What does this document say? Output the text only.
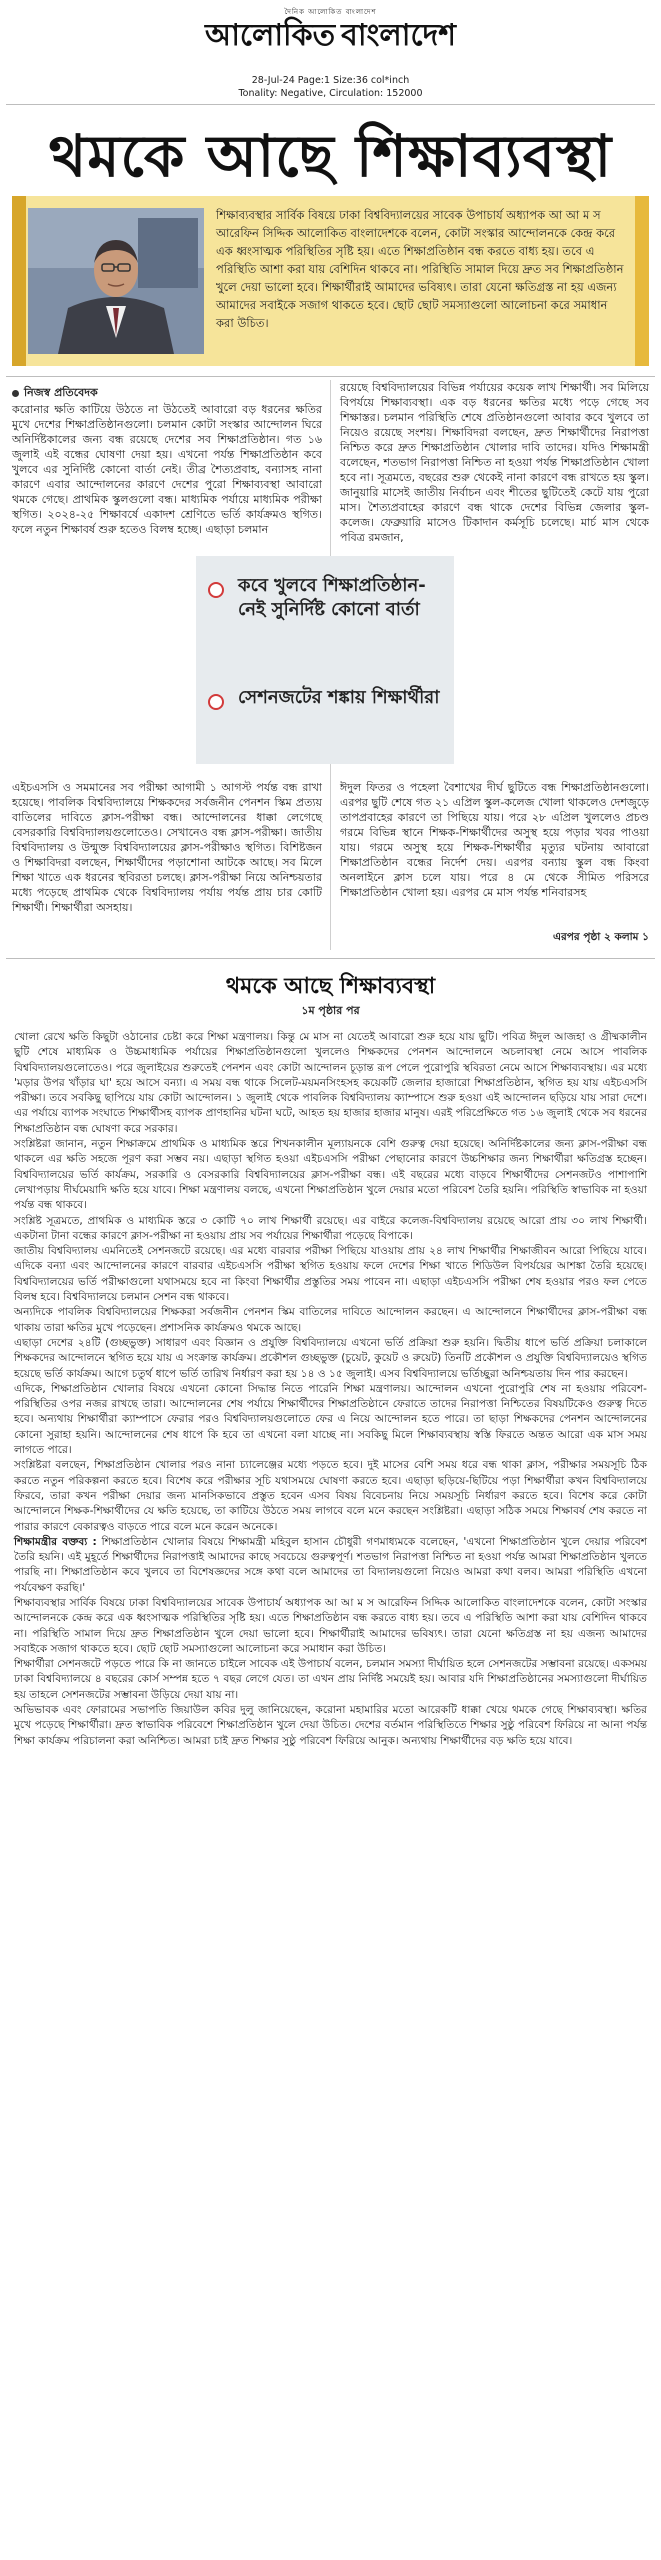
দৈনিক আলোকিত বাংলাদেশ
আলোকিত বাংলাদেশ
28-Jul-24 Page:1 Size:36 col*inch
Tonality: Negative, Circulation: 152000
থমকে আছে শিক্ষাব্যবস্থা

শিক্ষাব্যবস্থার সার্বিক বিষয়ে ঢাকা বিশ্ববিদ্যালয়ের সাবেক উপাচার্য অধ্যাপক আ আ ম স আরেফিন সিদ্দিক আলোকিত বাংলাদেশকে বলেন, কোটা সংস্কার আন্দোলনকে কেন্দ্র করে এক ধ্বংসাত্মক পরিস্থিতির সৃষ্টি হয়। এতে শিক্ষাপ্রতিষ্ঠান বন্ধ করতে বাধ্য হয়। তবে এ পরিস্থিতি আশা করা যায় বেশিদিন থাকবে না। পরিস্থিতি সামাল দিয়ে দ্রুত সব শিক্ষাপ্রতিষ্ঠান খুলে দেয়া ভালো হবে। শিক্ষার্থীরাই আমাদের ভবিষ্যৎ। তারা যেনো ক্ষতিগ্রস্ত না হয় এজন্য আমাদের সবাইকে সজাগ থাকতে হবে। ছোট ছোট সমস্যাগুলো আলোচনা করে সমাধান করা উচিত।

নিজস্ব প্রতিবেদক

করোনার ক্ষতি কাটিয়ে উঠতে না উঠতেই আবারো বড় ধরনের ক্ষতির মুখে দেশের শিক্ষাপ্রতিষ্ঠানগুলো। চলমান কোটা সংস্কার আন্দোলন ঘিরে অনির্দিষ্টকালের জন্য বন্ধ রয়েছে দেশের সব শিক্ষাপ্রতিষ্ঠান। গত ১৬ জুলাই এই বন্ধের ঘোষণা দেয়া হয়। এখনো পর্যন্ত শিক্ষাপ্রতিষ্ঠান কবে খুলবে এর সুনির্দিষ্ট কোনো বার্তা নেই। তীব্র শৈত্যপ্রবাহ, বন্যাসহ নানা কারণে এবার আন্দোলনের কারণে দেশের পুরো শিক্ষাব্যবস্থা আবারো থমকে গেছে। প্রাথমিক স্কুলগুলো বন্ধ। মাধ্যমিক পর্যায়ে মাধ্যমিক পরীক্ষা স্থগিত। ২০২৪-২৫ শিক্ষাবর্ষে একাদশ শ্রেণিতে ভর্তি কার্যক্রমও স্থগিত। ফলে নতুন শিক্ষাবর্ষ শুরু হতেও বিলম্ব হচ্ছে। এছাড়া চলমান

এইচএসসি ও সমমানের সব পরীক্ষা আগামী ১ আগস্ট পর্যন্ত বন্ধ রাখা হয়েছে। পাবলিক বিশ্ববিদ্যালয়ে শিক্ষকদের সর্বজনীন পেনশন স্কিম প্রত্যয় বাতিলের দাবিতে ক্লাস-পরীক্ষা বন্ধ। আন্দোলনের ধাক্কা লেগেছে বেসরকারি বিশ্ববিদ্যালয়গুলোতেও। সেখানেও বন্ধ ক্লাস-পরীক্ষা। জাতীয় বিশ্ববিদ্যালয় ও উন্মুক্ত বিশ্ববিদ্যালয়ের ক্লাস-পরীক্ষাও স্থগিত। বিশিষ্টজন ও শিক্ষাবিদরা বলছেন, শিক্ষার্থীদের পড়াশোনা আটকে আছে। সব মিলে শিক্ষা খাতে এক ধরনের স্থবিরতা চলছে। ক্লাস-পরীক্ষা নিয়ে অনিশ্চয়তার মধ্যে পড়েছে প্রাথমিক থেকে বিশ্ববিদ্যালয় পর্যায় পর্যন্ত প্রায় চার কোটি শিক্ষার্থী। শিক্ষার্থীরা অসহায়।

রয়েছে বিশ্ববিদ্যালয়ের বিভিন্ন পর্যায়ের কয়েক লাখ শিক্ষার্থী। সব মিলিয়ে বিপর্যয়ে শিক্ষাব্যবস্থা। এক বড় ধরনের ক্ষতির মধ্যে পড়ে গেছে সব শিক্ষাস্তর। চলমান পরিস্থিতি শেষে প্রতিষ্ঠানগুলো আবার কবে খুলবে তা নিয়েও রয়েছে সংশয়। শিক্ষাবিদরা বলছেন, দ্রুত শিক্ষার্থীদের নিরাপত্তা নিশ্চিত করে দ্রুত শিক্ষাপ্রতিষ্ঠান খোলার দাবি তাদের। যদিও শিক্ষামন্ত্রী বলেছেন, শতভাগ নিরাপত্তা নিশ্চিত না হওয়া পর্যন্ত শিক্ষাপ্রতিষ্ঠান খোলা হবে না। সূত্রমতে, বছরের শুরু থেকেই নানা কারণে বন্ধ রাখতে হয় স্কুল। জানুয়ারি মাসেই জাতীয় নির্বাচন এবং শীতের ছুটিতেই কেটে যায় পুরো মাস। শৈত্যপ্রবাহের কারণে বন্ধ থাকে দেশের বিভিন্ন জেলার স্কুল-কলেজ। ফেব্রুয়ারি মাসেও টিকাদান কর্মসূচি চলেছে। মার্চ মাস থেকে পবিত্র রমজান,

ঈদুল ফিতর ও পহেলা বৈশাখের দীর্ঘ ছুটিতে বন্ধ শিক্ষাপ্রতিষ্ঠানগুলো। এরপর ছুটি শেষে গত ২১ এপ্রিল স্কুল-কলেজ খোলা থাকলেও দেশজুড়ে তাপপ্রবাহের কারণে তা পিছিয়ে যায়। পরে ২৮ এপ্রিল খুললেও প্রচণ্ড গরমে বিভিন্ন স্থানে শিক্ষক-শিক্ষার্থীদের অসুস্থ হয়ে পড়ার খবর পাওয়া যায়। গরমে অসুস্থ হয়ে শিক্ষক-শিক্ষার্থীর মৃত্যুর ঘটনায় আবারো শিক্ষাপ্রতিষ্ঠান বন্ধের নির্দেশ দেয়। এরপর বন্যায় স্কুল বন্ধ কিংবা অনলাইনে ক্লাস চলে যায়। পরে ৪ মে থেকে সীমিত পরিসরে শিক্ষাপ্রতিষ্ঠান খোলা হয়। এরপর মে মাস পর্যন্ত শনিবারসহ

কবে খুলবে শিক্ষাপ্রতিষ্ঠান- নেই সুনির্দিষ্ট কোনো বার্তা
সেশনজটের শঙ্কায় শিক্ষার্থীরা
এরপর পৃষ্ঠা ২ কলাম ১
থমকে আছে শিক্ষাব্যবস্থা
১ম পৃষ্ঠার পর

খোলা রেখে ক্ষতি কিছুটা ওঠানোর চেষ্টা করে শিক্ষা মন্ত্রণালয়। কিন্তু মে মাস না যেতেই আবারো শুরু হয়ে যায় ছুটি। পবিত্র ঈদুল আজহা ও গ্রীষ্মকালীন ছুটি শেষে মাধ্যমিক ও উচ্চমাধ্যমিক পর্যায়ের শিক্ষাপ্রতিষ্ঠানগুলো খুললেও শিক্ষকদের পেনশন আন্দোলনে অচলাবস্থা নেমে আসে পাবলিক বিশ্ববিদ্যালয়গুলোতেও। পরে জুলাইয়ের শুরুতেই পেনশন এবং কোটা আন্দোলন চূড়ান্ত রূপ পেলে পুরোপুরি স্থবিরতা নেমে আসে শিক্ষাব্যবস্থায়। এর মধ্যে 'মড়ার উপর খাঁড়ার ঘা' হয়ে আসে বন্যা। এ সময় বন্ধ থাকে সিলেট-ময়মনসিংহসহ কয়েকটি জেলার হাজারো শিক্ষাপ্রতিষ্ঠান, স্থগিত হয় যায় এইচএসসি পরীক্ষা। তবে সবকিছু ছাপিয়ে যায় কোটা আন্দোলন। ১ জুলাই থেকে পাবলিক বিশ্ববিদ্যালয় ক্যাম্পাসে শুরু হওয়া এই আন্দোলন ছড়িয়ে যায় সারা দেশে। এর পর্যায়ে ব্যাপক সংঘাতে শিক্ষার্থীসহ ব্যাপক প্রাণহানির ঘটনা ঘটে, আহত হয় হাজার হাজার মানুষ। এরই পরিপ্রেক্ষিতে গত ১৬ জুলাই থেকে সব ধরনের শিক্ষাপ্রতিষ্ঠান বন্ধ ঘোষণা করে সরকার।

সংশ্লিষ্টরা জানান, নতুন শিক্ষাক্রমে প্রাথমিক ও মাধ্যমিক স্তরে শিখনকালীন মূল্যায়নকে বেশি গুরুত্ব দেয়া হয়েছে। অনির্দিষ্টকালের জন্য ক্লাস-পরীক্ষা বন্ধ থাকলে এর ক্ষতি সহজে পূরণ করা সম্ভব নয়। এছাড়া স্থগিত হওয়া এইচএসসি পরীক্ষা পেছানোর কারণে উচ্চশিক্ষার জন্য শিক্ষার্থীরা ক্ষতিগ্রস্ত হচ্ছেন। বিশ্ববিদ্যালয়ের ভর্তি কার্যক্রম, সরকারি ও বেসরকারি বিশ্ববিদ্যালয়ের ক্লাস-পরীক্ষা বন্ধ। এই বছরের মধ্যে বাড়বে শিক্ষার্থীদের সেশনজটও পাশাপাশি লেখাপড়ায় দীর্ঘমেয়াদি ক্ষতি হয়ে যাবে। শিক্ষা মন্ত্রণালয় বলছে, এখনো শিক্ষাপ্রতিষ্ঠান খুলে দেয়ার মতো পরিবেশ তৈরি হয়নি। পরিস্থিতি স্বাভাবিক না হওয়া পর্যন্ত বন্ধ থাকবে।

সংশ্লিষ্ট সূত্রমতে, প্রাথমিক ও মাধ্যমিক স্তরে ৩ কোটি ৭০ লাখ শিক্ষার্থী রয়েছে। এর বাইরে কলেজ-বিশ্ববিদ্যালয় রয়েছে আরো প্রায় ৩০ লাখ শিক্ষার্থী। একটানা টানা বন্ধের কারণে ক্লাস-পরীক্ষা না হওয়ায় প্রায় সব পর্যায়ের শিক্ষার্থীরা পড়েছে বিপাকে।

জাতীয় বিশ্ববিদ্যালয় এমনিতেই সেশনজটে রয়েছে। এর মধ্যে বারবার পরীক্ষা পিছিয়ে যাওয়ায় প্রায় ২৪ লাখ শিক্ষার্থীর শিক্ষাজীবন আরো পিছিয়ে যাবে। এদিকে বন্যা এবং আন্দোলনের কারণে বারবার এইচএসসি পরীক্ষা স্থগিত হওয়ায় ফলে দেশের শিক্ষা খাতে শিডিউল বিপর্যয়ের আশঙ্কা তৈরি হয়েছে। বিশ্ববিদ্যালয়ের ভর্তি পরীক্ষাগুলো যথাসময়ে হবে না কিংবা শিক্ষার্থীর প্রস্তুতির সময় পাবেন না। এছাড়া এইচএসসি পরীক্ষা শেষ হওয়ার পরও ফল পেতে বিলম্ব হবে। বিশ্ববিদ্যালয়ে চলমান সেশন বন্ধ থাকবে।

অন্যদিকে পাবলিক বিশ্ববিদ্যালয়ের শিক্ষকরা সর্বজনীন পেনশন স্কিম বাতিলের দাবিতে আন্দোলন করছেন। এ আন্দোলনে শিক্ষার্থীদের ক্লাস-পরীক্ষা বন্ধ থাকায় তারা ক্ষতির মুখে পড়েছেন। প্রশাসনিক কার্যক্রমও থমকে আছে।

এছাড়া দেশের ২৪টি (গুচ্ছভুক্ত) সাধারণ এবং বিজ্ঞান ও প্রযুক্তি বিশ্ববিদ্যালয়ে এখনো ভর্তি প্রক্রিয়া শুরু হয়নি। দ্বিতীয় ধাপে ভর্তি প্রক্রিয়া চলাকালে শিক্ষকদের আন্দোলনে স্থগিত হয়ে যায় এ সংক্রান্ত কার্যক্রম। প্রকৌশল গুচ্ছভুক্ত (চুয়েট, কুয়েট ও রুয়েট) তিনটি প্রকৌশল ও প্রযুক্তি বিশ্ববিদ্যালয়েও স্থগিত হয়েছে ভর্তি কার্যক্রম। আগে চতুর্থ ধাপে ভর্তি তারিখ নির্ধারণ করা হয় ১৪ ও ১৫ জুলাই। এসব বিশ্ববিদ্যালয়ে ভর্তিচ্ছুরা অনিশ্চয়তায় দিন পার করছেন।

এদিকে, শিক্ষাপ্রতিষ্ঠান খোলার বিষয়ে এখনো কোনো সিদ্ধান্ত নিতে পারেনি শিক্ষা মন্ত্রণালয়। আন্দোলন এখনো পুরোপুরি শেষ না হওয়ায় পরিবেশ-পরিস্থিতির ওপর নজর রাখছে তারা। আন্দোলনের শেষ পর্যায়ে শিক্ষার্থীদের শিক্ষাপ্রতিষ্ঠানে ফেরাতে তাদের নিরাপত্তা নিশ্চিতের বিষয়টিকেও গুরুত্ব দিতে হবে। অন্যথায় শিক্ষার্থীরা ক্যাম্পাসে ফেরার পরও বিশ্ববিদ্যালয়গুলোতে ফের এ নিয়ে আন্দোলন হতে পারে। তা ছাড়া শিক্ষকদের পেনশন আন্দোলনের কোনো সুরাহা হয়নি। আন্দোলনের শেষ ধাপে কি হবে তা এখনো বলা যাচ্ছে না। সবকিছু মিলে শিক্ষাব্যবস্থায় স্বস্তি ফিরতে অন্তত আরো এক মাস সময় লাগতে পারে।

সংশ্লিষ্টরা বলছেন, শিক্ষাপ্রতিষ্ঠান খোলার পরও নানা চ্যালেঞ্জের মধ্যে পড়তে হবে। দুই মাসের বেশি সময় ধরে বন্ধ থাকা ক্লাস, পরীক্ষার সময়সূচি ঠিক করতে নতুন পরিকল্পনা করতে হবে। বিশেষ করে পরীক্ষার সূচি যথাসময়ে ঘোষণা করতে হবে। এছাড়া ছড়িয়ে-ছিটিয়ে পড়া শিক্ষার্থীরা কখন বিশ্ববিদ্যালয়ে ফিরবে, তারা কখন পরীক্ষা দেয়ার জন্য মানসিকভাবে প্রস্তুত হবেন এসব বিষয় বিবেচনায় নিয়ে সময়সূচি নির্ধারণ করতে হবে। বিশেষ করে কোটা আন্দোলনে শিক্ষক-শিক্ষার্থীদের যে ক্ষতি হয়েছে, তা কাটিয়ে উঠতে সময় লাগবে বলে মনে করছেন সংশ্লিষ্টরা। এছাড়া সঠিক সময়ে শিক্ষাবর্ষ শেষ করতে না পারার কারণে বেকারত্বও বাড়তে পারে বলে মনে করেন অনেকে।

শিক্ষামন্ত্রীর বক্তব্য : শিক্ষাপ্রতিষ্ঠান খোলার বিষয়ে শিক্ষামন্ত্রী মহিবুল হাসান চৌধুরী গণমাধ্যমকে বলেছেন, 'এখনো শিক্ষাপ্রতিষ্ঠান খুলে দেয়ার পরিবেশ তৈরি হয়নি। এই মুহূর্তে শিক্ষার্থীদের নিরাপত্তাই আমাদের কাছে সবচেয়ে গুরুত্বপূর্ণ। শতভাগ নিরাপত্তা নিশ্চিত না হওয়া পর্যন্ত আমরা শিক্ষাপ্রতিষ্ঠান খুলতে পারছি না। শিক্ষাপ্রতিষ্ঠান কবে খুলবে তা বিশেষজ্ঞদের সঙ্গে কথা বলে আমাদের তা বিদ্যালয়গুলো নিয়েও আমরা কথা বলব। আমরা পরিস্থিতি এখনো পর্যবেক্ষণ করছি।'

শিক্ষাব্যবস্থার সার্বিক বিষয়ে ঢাকা বিশ্ববিদ্যালয়ের সাবেক উপাচার্য অধ্যাপক আ আ ম স আরেফিন সিদ্দিক আলোকিত বাংলাদেশকে বলেন, কোটা সংস্কার আন্দোলনকে কেন্দ্র করে এক ধ্বংসাত্মক পরিস্থিতির সৃষ্টি হয়। এতে শিক্ষাপ্রতিষ্ঠান বন্ধ করতে বাধ্য হয়। তবে এ পরিস্থিতি আশা করা যায় বেশিদিন থাকবে না। পরিস্থিতি সামাল দিয়ে দ্রুত শিক্ষাপ্রতিষ্ঠান খুলে দেয়া ভালো হবে। শিক্ষার্থীরাই আমাদের ভবিষ্যৎ। তারা যেনো ক্ষতিগ্রস্ত না হয় এজন্য আমাদের সবাইকে সজাগ থাকতে হবে। ছোট ছোট সমস্যাগুলো আলোচনা করে সমাধান করা উচিত।

শিক্ষার্থীরা সেশনজটে পড়তে পারে কি না জানতে চাইলে সাবেক এই উপাচার্য বলেন, চলমান সমস্যা দীর্ঘায়িত হলে সেশনজটের সম্ভাবনা রয়েছে। একসময় ঢাকা বিশ্ববিদ্যালয়ে ৪ বছরের কোর্স সম্পন্ন হতে ৭ বছর লেগে যেত। তা এখন প্রায় নির্দিষ্ট সময়েই হয়। আবার যদি শিক্ষাপ্রতিষ্ঠানের সমস্যাগুলো দীর্ঘায়িত হয় তাহলে সেশনজটের সম্ভাবনা উড়িয়ে দেয়া যায় না।

অভিভাবক এবং ফোরামের সভাপতি জিয়াউল কবির দুলু জানিয়েছেন, করোনা মহামারির মতো আরেকটি ধাক্কা খেয়ে থমকে গেছে শিক্ষাব্যবস্থা। ক্ষতির মুখে পড়েছে শিক্ষার্থীরা। দ্রুত স্বাভাবিক পরিবেশে শিক্ষাপ্রতিষ্ঠান খুলে দেয়া উচিত। দেশের বর্তমান পরিস্থিতিতে শিক্ষার সুষ্ঠু পরিবেশ ফিরিয়ে না আনা পর্যন্ত শিক্ষা কার্যক্রম পরিচালনা করা অনিশ্চিত। আমরা চাই দ্রুত শিক্ষার সুষ্ঠু পরিবেশ ফিরিয়ে আনুক। অন্যথায় শিক্ষার্থীদের বড় ক্ষতি হয়ে যাবে।
